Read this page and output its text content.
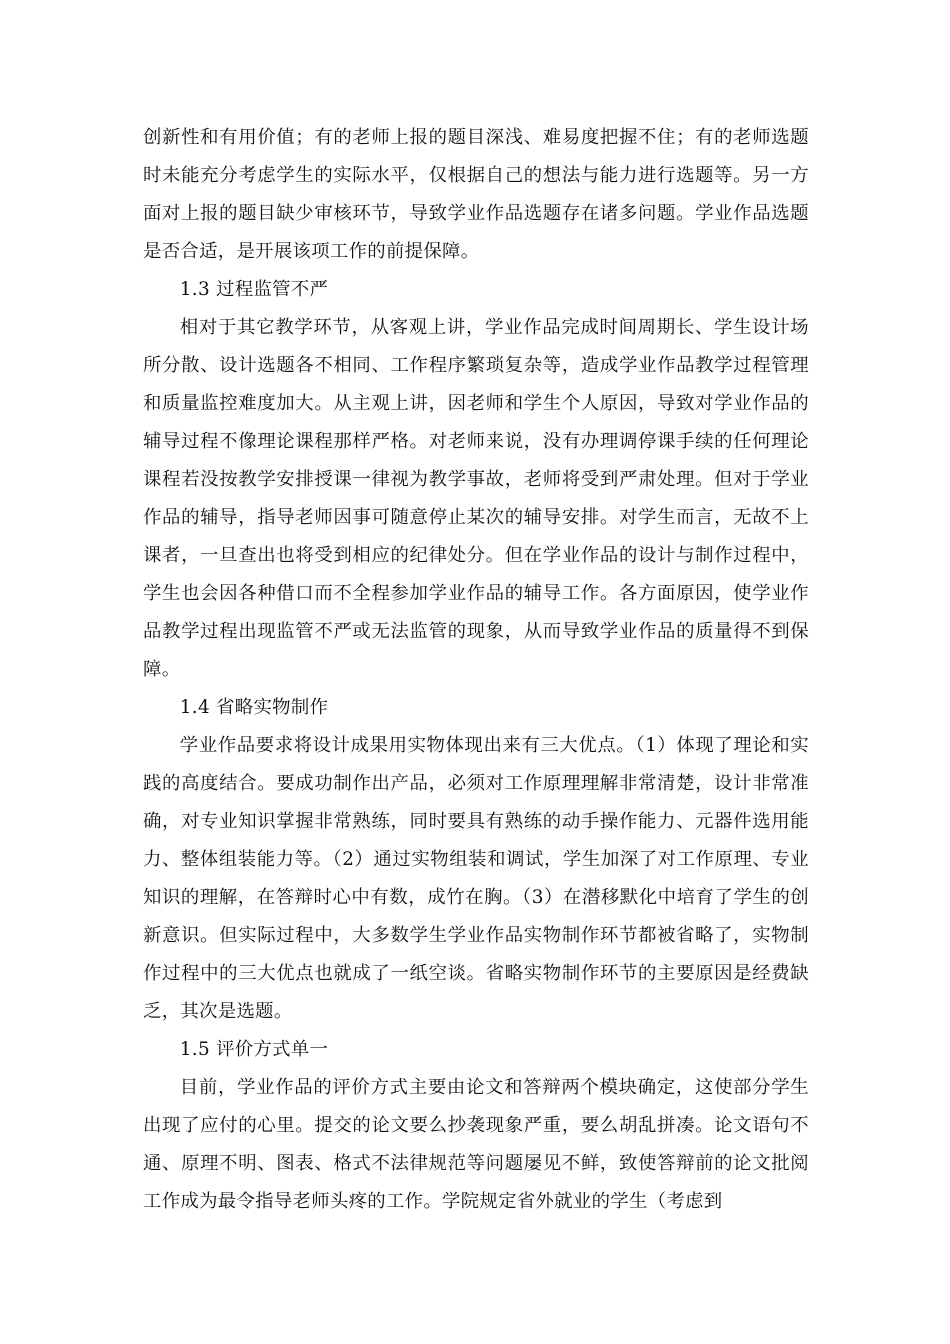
创新性和有用价值；有的老师上报的题目深浅、难易度把握不住；有的老师选题时未能充分考虑学生的实际水平，仅根据自己的想法与能力进行选题等。另一方面对上报的题目缺少审核环节，导致学业作品选题存在诸多问题。学业作品选题是否合适，是开展该项工作的前提保障。

1.3 过程监管不严

相对于其它教学环节，从客观上讲，学业作品完成时间周期长、学生设计场所分散、设计选题各不相同、工作程序繁琐复杂等，造成学业作品教学过程管理和质量监控难度加大。从主观上讲，因老师和学生个人原因，导致对学业作品的辅导过程不像理论课程那样严格。对老师来说，没有办理调停课手续的任何理论课程若没按教学安排授课一律视为教学事故，老师将受到严肃处理。但对于学业作品的辅导，指导老师因事可随意停止某次的辅导安排。对学生而言，无故不上课者，一旦查出也将受到相应的纪律处分。但在学业作品的设计与制作过程中，学生也会因各种借口而不全程参加学业作品的辅导工作。各方面原因，使学业作品教学过程出现监管不严或无法监管的现象，从而导致学业作品的质量得不到保障。

1.4 省略实物制作

学业作品要求将设计成果用实物体现出来有三大优点。（1）体现了理论和实践的高度结合。要成功制作出产品，必须对工作原理理解非常清楚，设计非常准确，对专业知识掌握非常熟练，同时要具有熟练的动手操作能力、元器件选用能力、整体组装能力等。（2）通过实物组装和调试，学生加深了对工作原理、专业知识的理解，在答辩时心中有数，成竹在胸。（3）在潜移默化中培育了学生的创新意识。但实际过程中，大多数学生学业作品实物制作环节都被省略了，实物制作过程中的三大优点也就成了一纸空谈。省略实物制作环节的主要原因是经费缺乏，其次是选题。

1.5 评价方式单一

目前，学业作品的评价方式主要由论文和答辩两个模块确定，这使部分学生出现了应付的心里。提交的论文要么抄袭现象严重，要么胡乱拼凑。论文语句不通、原理不明、图表、格式不法律规范等问题屡见不鲜，致使答辩前的论文批阅工作成为最令指导老师头疼的工作。学院规定省外就业的学生（考虑到
